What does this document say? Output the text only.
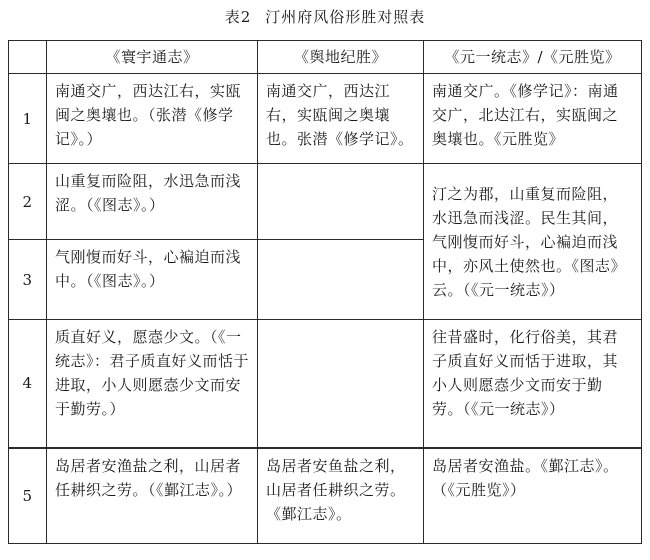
表2 汀州府风俗形胜对照表
	《寰宇通志》	《舆地纪胜》	《元一统志》/《元胜览》
1	南通交广，西达江右，实瓯闽之奥壤也。（张潜《修学记》。）	南通交广，西达江右，实瓯闽之奥壤也。张潜《修学记》。	南通交广。《修学记》：南通交广，北达江右，实瓯闽之奥壤也。《元胜览》
2	山重复而险阻，水迅急而浅涩。（《图志》。）		汀之为郡，山重复而险阻，水迅急而浅涩。民生其间，气刚愎而好斗，心褊迫而浅中，亦风土使然也。《图志》云。（《元一统志》）
3	气刚愎而好斗，心褊迫而浅中。（《图志》。）		
4	质直好义，愿悫少文。（《一统志》：君子质直好义而恬于进取，小人则愿悫少文而安于勤劳。）		往昔盛时，化行俗美，其君子质直好义而恬于进取，其小人则愿悫少文而安于勤劳。（《元一统志》）
5	岛居者安渔盐之利，山居者任耕织之劳。（《鄞江志》。）	岛居者安鱼盐之利，山居者任耕织之劳。《鄞江志》。	岛居者安渔盐。《鄞江志》。（《元胜览》）
